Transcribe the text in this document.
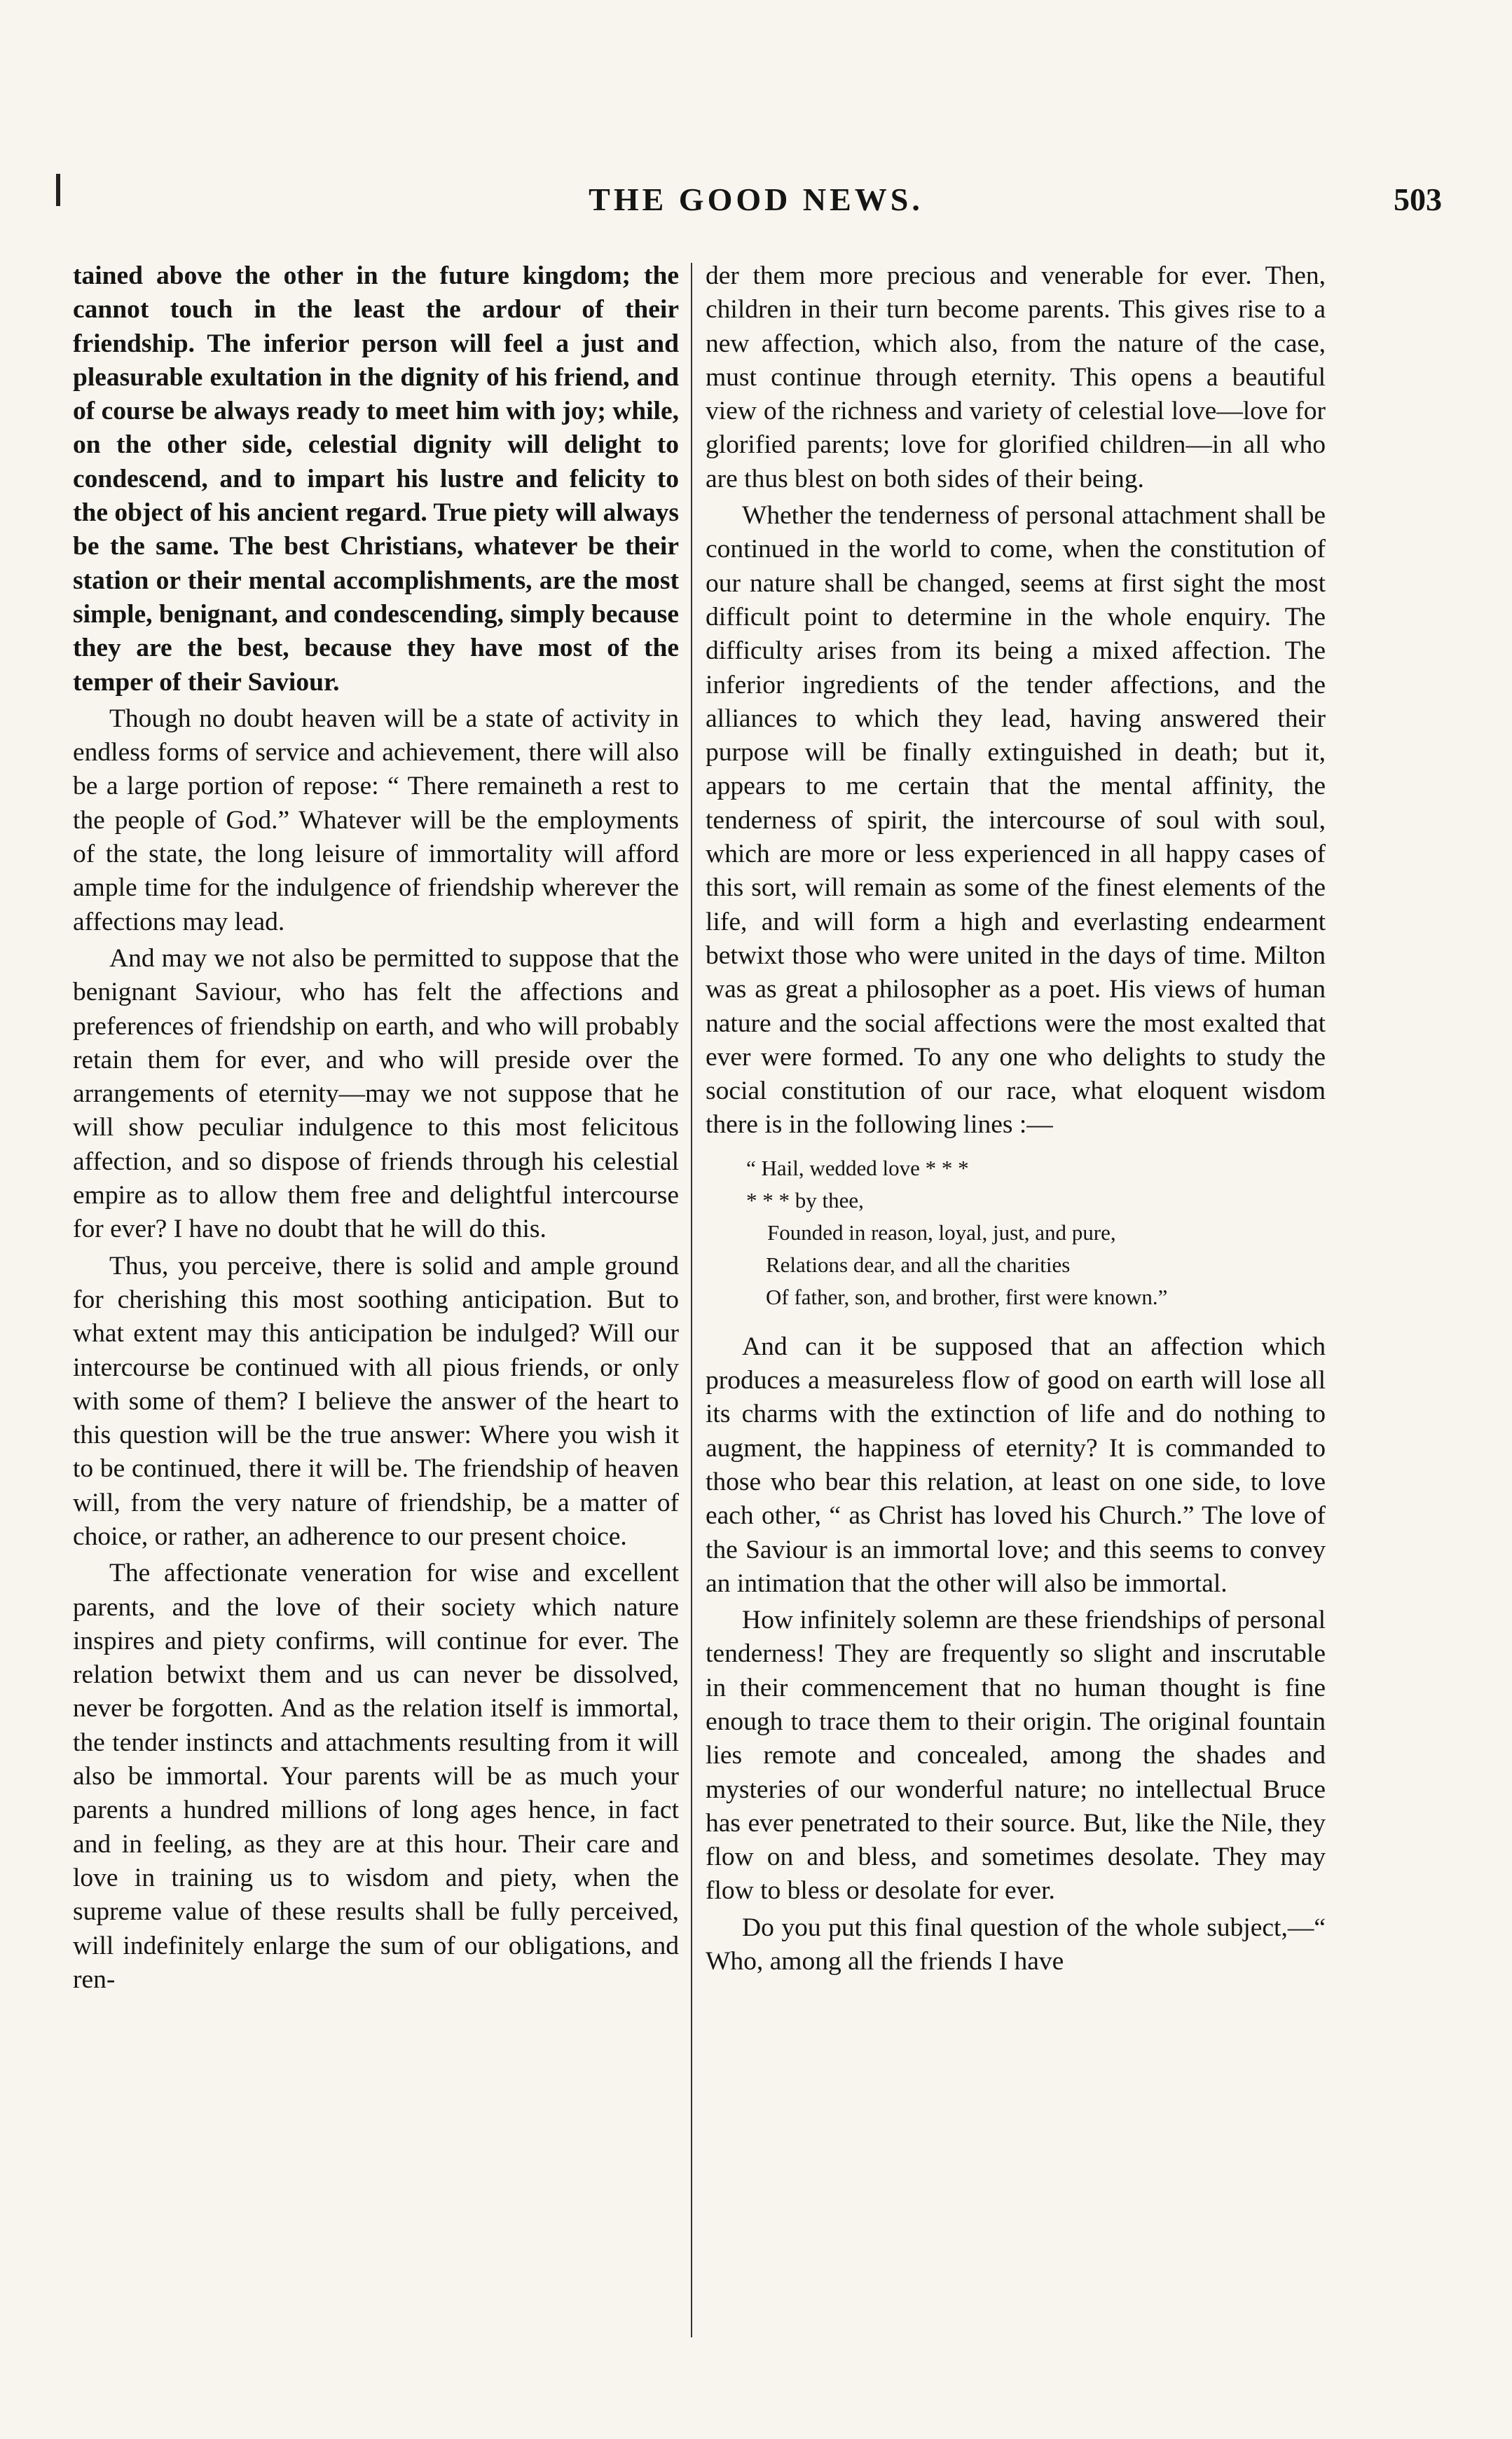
THE GOOD NEWS.	503

tained above the other in the future kingdom; the cannot touch in the least the ardour of their friendship. The inferior person will feel a just and pleasurable exultation in the dignity of his friend, and of course be always ready to meet him with joy; while, on the other side, celestial dignity will delight to condescend, and to impart his lustre and felicity to the object of his ancient regard. True piety will always be the same. The best Christians, whatever be their station or their mental accomplishments, are the most simple, benignant, and condescending, simply because they are the best, because they have most of the temper of their Saviour.

Though no doubt heaven will be a state of activity in endless forms of service and achievement, there will also be a large portion of repose: “ There remaineth a rest to the people of God.” Whatever will be the employments of the state, the long leisure of immortality will afford ample time for the indulgence of friendship wherever the affections may lead.

And may we not also be permitted to suppose that the benignant Saviour, who has felt the affections and preferences of friendship on earth, and who will probably retain them for ever, and who will preside over the arrangements of eternity—may we not suppose that he will show peculiar indulgence to this most felicitous affection, and so dispose of friends through his celestial empire as to allow them free and delightful intercourse for ever? I have no doubt that he will do this.

Thus, you perceive, there is solid and ample ground for cherishing this most soothing anticipation. But to what extent may this anticipation be indulged? Will our intercourse be continued with all pious friends, or only with some of them? I believe the answer of the heart to this question will be the true answer: Where you wish it to be continued, there it will be. The friendship of heaven will, from the very nature of friendship, be a matter of choice, or rather, an adherence to our present choice.

The affectionate veneration for wise and excellent parents, and the love of their society which nature inspires and piety confirms, will continue for ever. The relation betwixt them and us can never be dissolved, never be forgotten. And as the relation itself is immortal, the tender instincts and attachments resulting from it will also be immortal. Your parents will be as much your parents a hundred millions of long ages hence, in fact and in feeling, as they are at this hour. Their care and love in training us to wisdom and piety, when the supreme value of these results shall be fully perceived, will indefinitely enlarge the sum of our obligations, and ren-

der them more precious and venerable for ever. Then, children in their turn become parents. This gives rise to a new affection, which also, from the nature of the case, must continue through eternity. This opens a beautiful view of the richness and variety of celestial love—love for glorified parents; love for glorified children—in all who are thus blest on both sides of their being.

Whether the tenderness of personal attachment shall be continued in the world to come, when the constitution of our nature shall be changed, seems at first sight the most difficult point to determine in the whole enquiry. The difficulty arises from its being a mixed affection. The inferior ingredients of the tender affections, and the alliances to which they lead, having answered their purpose will be finally extinguished in death; but it, appears to me certain that the mental affinity, the tenderness of spirit, the intercourse of soul with soul, which are more or less experienced in all happy cases of this sort, will remain as some of the finest elements of the life, and will form a high and everlasting endearment betwixt those who were united in the days of time. Milton was as great a philosopher as a poet. His views of human nature and the social affections were the most exalted that ever were formed. To any one who delights to study the social constitution of our race, what eloquent wisdom there is in the following lines :—

“ Hail, wedded love * * *
* * * by thee,
Founded in reason, loyal, just, and pure,
Relations dear, and all the charities
Of father, son, and brother, first were known.”

And can it be supposed that an affection which produces a measureless flow of good on earth will lose all its charms with the extinction of life and do nothing to augment, the happiness of eternity? It is commanded to those who bear this relation, at least on one side, to love each other, “ as Christ has loved his Church.” The love of the Saviour is an immortal love; and this seems to convey an intimation that the other will also be immortal.

How infinitely solemn are these friendships of personal tenderness! They are frequently so slight and inscrutable in their commencement that no human thought is fine enough to trace them to their origin. The original fountain lies remote and concealed, among the shades and mysteries of our wonderful nature; no intellectual Bruce has ever penetrated to their source. But, like the Nile, they flow on and bless, and sometimes desolate. They may flow to bless or desolate for ever.

Do you put this final question of the whole subject,—“ Who, among all the friends I have
